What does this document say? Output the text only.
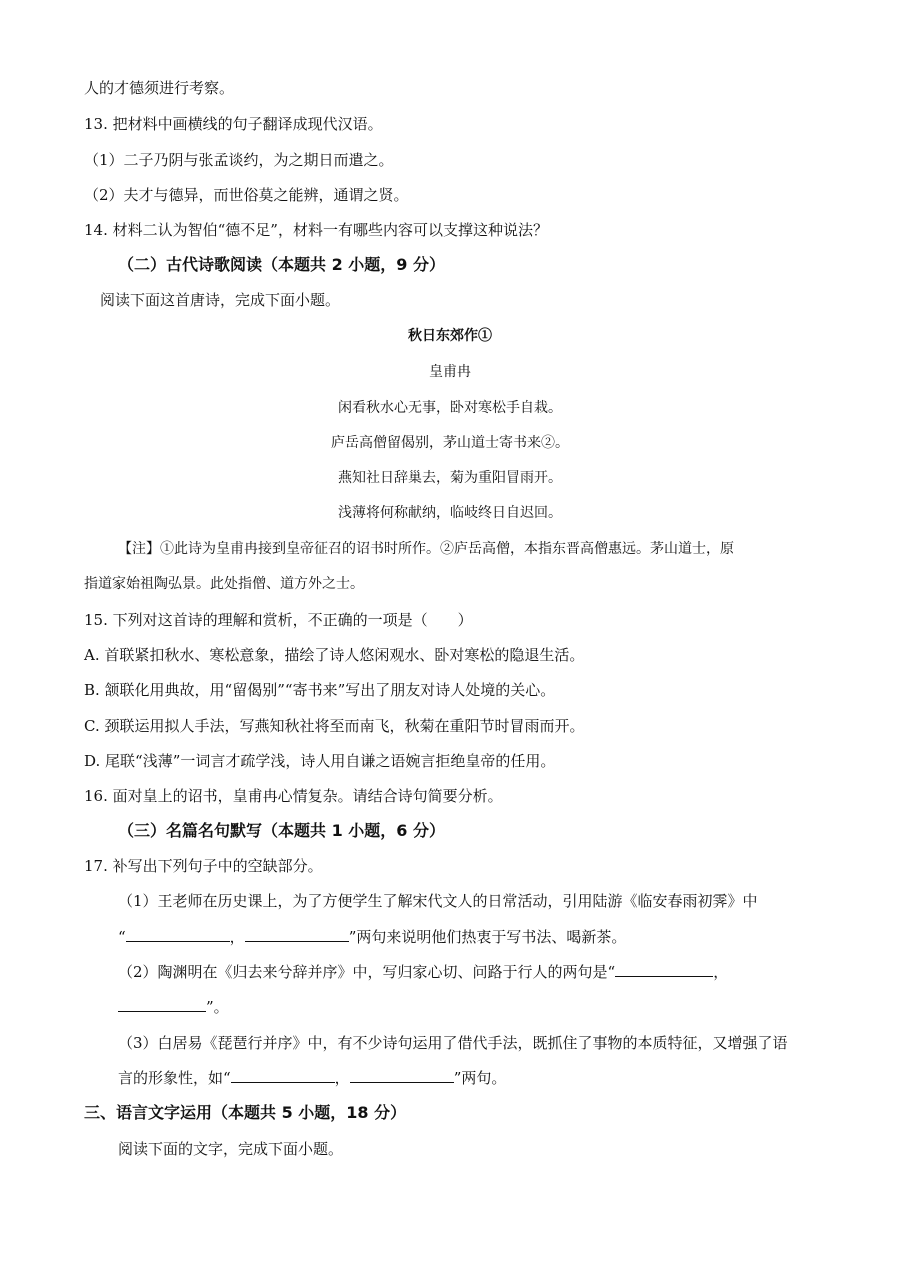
人的才德须进行考察。
13. 把材料中画横线的句子翻译成现代汉语。
（1）二子乃阴与张孟谈约，为之期日而遣之。
（2）夫才与德异，而世俗莫之能辨，通谓之贤。
14. 材料二认为智伯“德不足”，材料一有哪些内容可以支撑这种说法？
（二）古代诗歌阅读（本题共 2 小题，9 分）
阅读下面这首唐诗，完成下面小题。
秋日东郊作①
皇甫冉
闲看秋水心无事，卧对寒松手自栽。
庐岳高僧留偈别，茅山道士寄书来②。
燕知社日辞巢去，菊为重阳冒雨开。
浅薄将何称献纳，临岐终日自迟回。
【注】①此诗为皇甫冉接到皇帝征召的诏书时所作。②庐岳高僧，本指东晋高僧惠远。茅山道士，原
指道家始祖陶弘景。此处指僧、道方外之士。
15. 下列对这首诗的理解和赏析，不正确的一项是（　　）
A. 首联紧扣秋水、寒松意象，描绘了诗人悠闲观水、卧对寒松的隐退生活。
B. 颔联化用典故，用“留偈别”“寄书来”写出了朋友对诗人处境的关心。
C. 颈联运用拟人手法，写燕知秋社将至而南飞，秋菊在重阳节时冒雨而开。
D. 尾联“浅薄”一词言才疏学浅，诗人用自谦之语婉言拒绝皇帝的任用。
16. 面对皇上的诏书，皇甫冉心情复杂。请结合诗句简要分析。
（三）名篇名句默写（本题共 1 小题，6 分）
17. 补写出下列句子中的空缺部分。
（1）王老师在历史课上，为了方便学生了解宋代文人的日常活动，引用陆游《临安春雨初霁》中
“	，	”两句来说明他们热衷于写书法、喝新茶。
（2）陶渊明在《归去来兮辞并序》中，写归家心切、问路于行人的两句是“	，
”。
（3）白居易《琵琶行并序》中，有不少诗句运用了借代手法，既抓住了事物的本质特征，又增强了语
言的形象性，如“	，	”两句。
三、语言文字运用（本题共 5 小题，18 分）
阅读下面的文字，完成下面小题。
